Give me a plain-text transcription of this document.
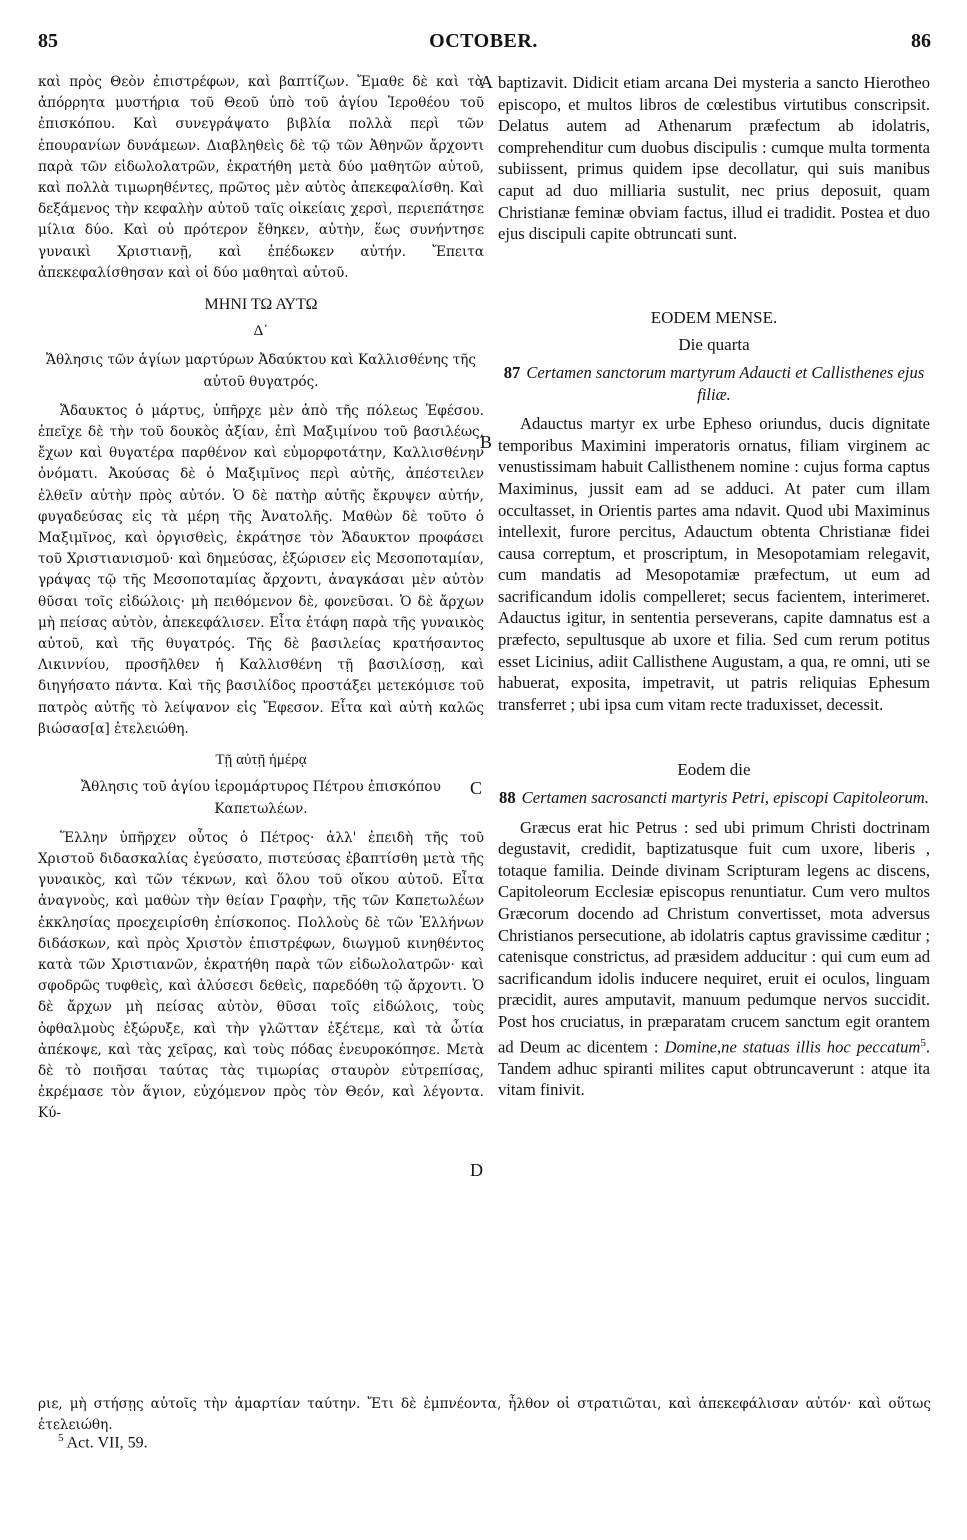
85	OCTOBER.	86
A
B
C
D

καὶ πρὸς Θεὸν ἐπιστρέφων, καὶ βαπτίζων. Ἔμαθε δὲ καὶ τὰ ἀπόρρητα μυστήρια τοῦ Θεοῦ ὑπὸ τοῦ ἁγίου Ἱεροθέου τοῦ ἐπισκόπου. Καὶ συνεγράψατο βιβλία πολλὰ περὶ τῶν ἐπουρανίων δυνάμεων. Διαβληθεὶς δὲ τῷ τῶν Ἀθηνῶν ἄρχοντι παρὰ τῶν εἰδωλολατρῶν, ἐκρατήθη μετὰ δύο μαθητῶν αὐτοῦ, καὶ πολλὰ τιμωρηθέντες, πρῶτος μὲν αὐτὸς ἀπεκεφαλίσθη. Καὶ δεξάμενος τὴν κεφαλὴν αὐτοῦ ταῖς οἰκείαις χερσὶ, περιεπάτησε μίλια δύο. Καὶ οὐ πρότερον ἔθηκεν, αὐτὴν, ἕως συνήντησε γυναικὶ Χριστιανῇ, καὶ ἐπέδωκεν αὐτήν. Ἔπειτα ἀπεκεφαλίσθησαν καὶ οἱ δύο μαθηταὶ αὐτοῦ.

ΜΗΝΙ ΤΩ ΑΥΤΩ
Δ΄

Ἄθλησις τῶν ἁγίων μαρτύρων Ἀδαύκτου καὶ Καλλισθένης τῆς αὐτοῦ θυγατρός.

Ἄδαυκτος ὁ μάρτυς, ὑπῆρχε μὲν ἀπὸ τῆς πόλεως Ἐφέσου. ἐπεῖχε δὲ τὴν τοῦ δουκὸς ἀξίαν, ἐπὶ Μαξιμίνου τοῦ βασιλέως, ἔχων καὶ θυγατέρα παρθένον καὶ εὐμορφοτάτην, Καλλισθένην ὀνόματι. Ἀκούσας δὲ ὁ Μαξιμῖνος περὶ αὐτῆς, ἀπέστειλεν ἐλθεῖν αὐτὴν πρὸς αὐτόν. Ὁ δὲ πατὴρ αὐτῆς ἔκρυψεν αὐτήν, φυγαδεύσας εἰς τὰ μέρη τῆς Ἀνατολῆς. Μαθὼν δὲ τοῦτο ὁ Μαξιμῖνος, καὶ ὀργισθεὶς, ἐκράτησε τὸν Ἄδαυκτον προφάσει τοῦ Χριστιανισμοῦ· καὶ δημεύσας, ἐξώρισεν εἰς Μεσοποταμίαν, γράψας τῷ τῆς Μεσοποταμίας ἄρχοντι, ἀναγκάσαι μὲν αὐτὸν θῦσαι τοῖς εἰδώλοις· μὴ πειθόμενον δὲ, φονεῦσαι. Ὁ δὲ ἄρχων μὴ πείσας αὐτὸν, ἀπεκεφάλισεν. Εἶτα ἐτάφη παρὰ τῆς γυναικὸς αὐτοῦ, καὶ τῆς θυγατρός. Τῆς δὲ βασιλείας κρατήσαντος Λικιννίου, προσῆλθεν ἡ Καλλισθένη τῇ βασιλίσσῃ, καὶ διηγήσατο πάντα. Καὶ τῆς βασιλίδος προστάξει μετεκόμισε τοῦ πατρὸς αὐτῆς τὸ λείψανον εἰς Ἔφεσον. Εἶτα καὶ αὐτὴ καλῶς βιώσασ[α] ἐτελειώθη.

Τῇ αὐτῇ ἡμέρᾳ

Ἄθλησις τοῦ ἁγίου ἱερομάρτυρος Πέτρου ἐπισκόπου Καπετωλέων.

Ἕλλην ὑπῆρχεν οὗτος ὁ Πέτρος· ἀλλ' ἐπειδὴ τῆς τοῦ Χριστοῦ διδασκαλίας ἐγεύσατο, πιστεύσας ἐβαπτίσθη μετὰ τῆς γυναικὸς, καὶ τῶν τέκνων, καὶ ὅλου τοῦ οἴκου αὐτοῦ. Εἶτα ἀναγνοὺς, καὶ μαθὼν τὴν θείαν Γραφὴν, τῆς τῶν Καπετωλέων ἐκκλησίας προεχειρίσθη ἐπίσκοπος. Πολλοὺς δὲ τῶν Ἑλλήνων διδάσκων, καὶ πρὸς Χριστὸν ἐπιστρέφων, διωγμοῦ κινηθέντος κατὰ τῶν Χριστιανῶν, ἐκρατήθη παρὰ τῶν εἰδωλολατρῶν· καὶ σφοδρῶς τυφθεὶς, καὶ ἀλύσεσι δεθεὶς, παρεδόθη τῷ ἄρχοντι. Ὁ δὲ ἄρχων μὴ πείσας αὐτὸν, θῦσαι τοῖς εἰδώλοις, τοὺς ὀφθαλμοὺς ἐξώρυξε, καὶ τὴν γλῶτταν ἐξέτεμε, καὶ τὰ ὦτία ἀπέκοψε, καὶ τὰς χεῖρας, καὶ τοὺς πόδας ἐνευροκόπησε. Μετὰ δὲ τὸ ποιῆσαι ταύτας τὰς τιμωρίας σταυρὸν εὐτρεπίσας, ἐκρέμασε τὸν ἅγιον, εὐχόμενον πρὸς τὸν Θεόν, καὶ λέγοντα. Κύ-

baptizavit. Didicit etiam arcana Dei mysteria a sancto Hierotheo episcopo, et multos libros de cœlestibus virtutibus conscripsit. Delatus autem ad Athenarum præfectum ab idolatris, comprehenditur cum duobus discipulis : cumque multa tormenta subiissent, primus quidem ipse decollatur, qui suis manibus caput ad duo milliaria sustulit, nec prius deposuit, quam Christianæ feminæ obviam factus, illud ei tradidit. Postea et duo ejus discipuli capite obtruncati sunt.

EODEM MENSE.
Die quarta

87 Certamen sanctorum martyrum Adaucti et Callisthenes ejus filiæ.

Adauctus martyr ex urbe Epheso oriundus, ducis dignitate temporibus Maximini imperatoris ornatus, filiam virginem ac venustissimam habuit Callisthenem nomine : cujus forma captus Maximinus, jussit eam ad se adduci. At pater cum illam occultasset, in Orientis partes ama ndavit. Quod ubi Maximinus intellexit, furore percitus, Adauctum obtenta Christianæ fidei causa correptum, et proscriptum, in Mesopotamiam relegavit, cum mandatis ad Mesopotamiæ præfectum, ut eum ad sacrificandum idolis compelleret; secus facientem, interimeret. Adauctus igitur, in sententia perseverans, capite damnatus est a præfecto, sepultusque ab uxore et filia. Sed cum rerum potitus esset Licinius, adiit Callisthene Augustam, a qua, re omni, uti se habuerat, exposita, impetravit, ut patris reliquias Ephesum transferret ; ubi ipsa cum vitam recte traduxisset, decessit.

Eodem die

88 Certamen sacrosancti martyris Petri, episcopi Capitoleorum.

Græcus erat hic Petrus : sed ubi primum Christi doctrinam degustavit, credidit, baptizatusque fuit cum uxore, liberis , totaque familia. Deinde divinam Scripturam legens ac discens, Capitoleorum Ecclesiæ episcopus renuntiatur. Cum vero multos Græcorum docendo ad Christum convertisset, mota adversus Christianos persecutione, ab idolatris captus gravissime cæditur ; catenisque constrictus, ad præsidem adducitur : qui cum eum ad sacrificandum idolis inducere nequiret, eruit ei oculos, linguam præcidit, aures amputavit, manuum pedumque nervos succidit. Post hos cruciatus, in præparatam crucem sanctum egit orantem ad Deum ac dicentem : Domine,ne statuas illis hoc peccatum$^5$. Tandem adhuc spiranti milites caput obtruncaverunt : atque ita vitam finivit.

ριε, μὴ στήσῃς αὐτοῖς τὴν ἁμαρτίαν ταύτην. Ἔτι δὲ ἐμπνέοντα, ἦλθον οἱ στρατιῶται, καὶ ἀπεκεφάλισαν αὐτόν· καὶ οὕτως ἐτελειώθη.

$^5$ Act. VII, 59.
